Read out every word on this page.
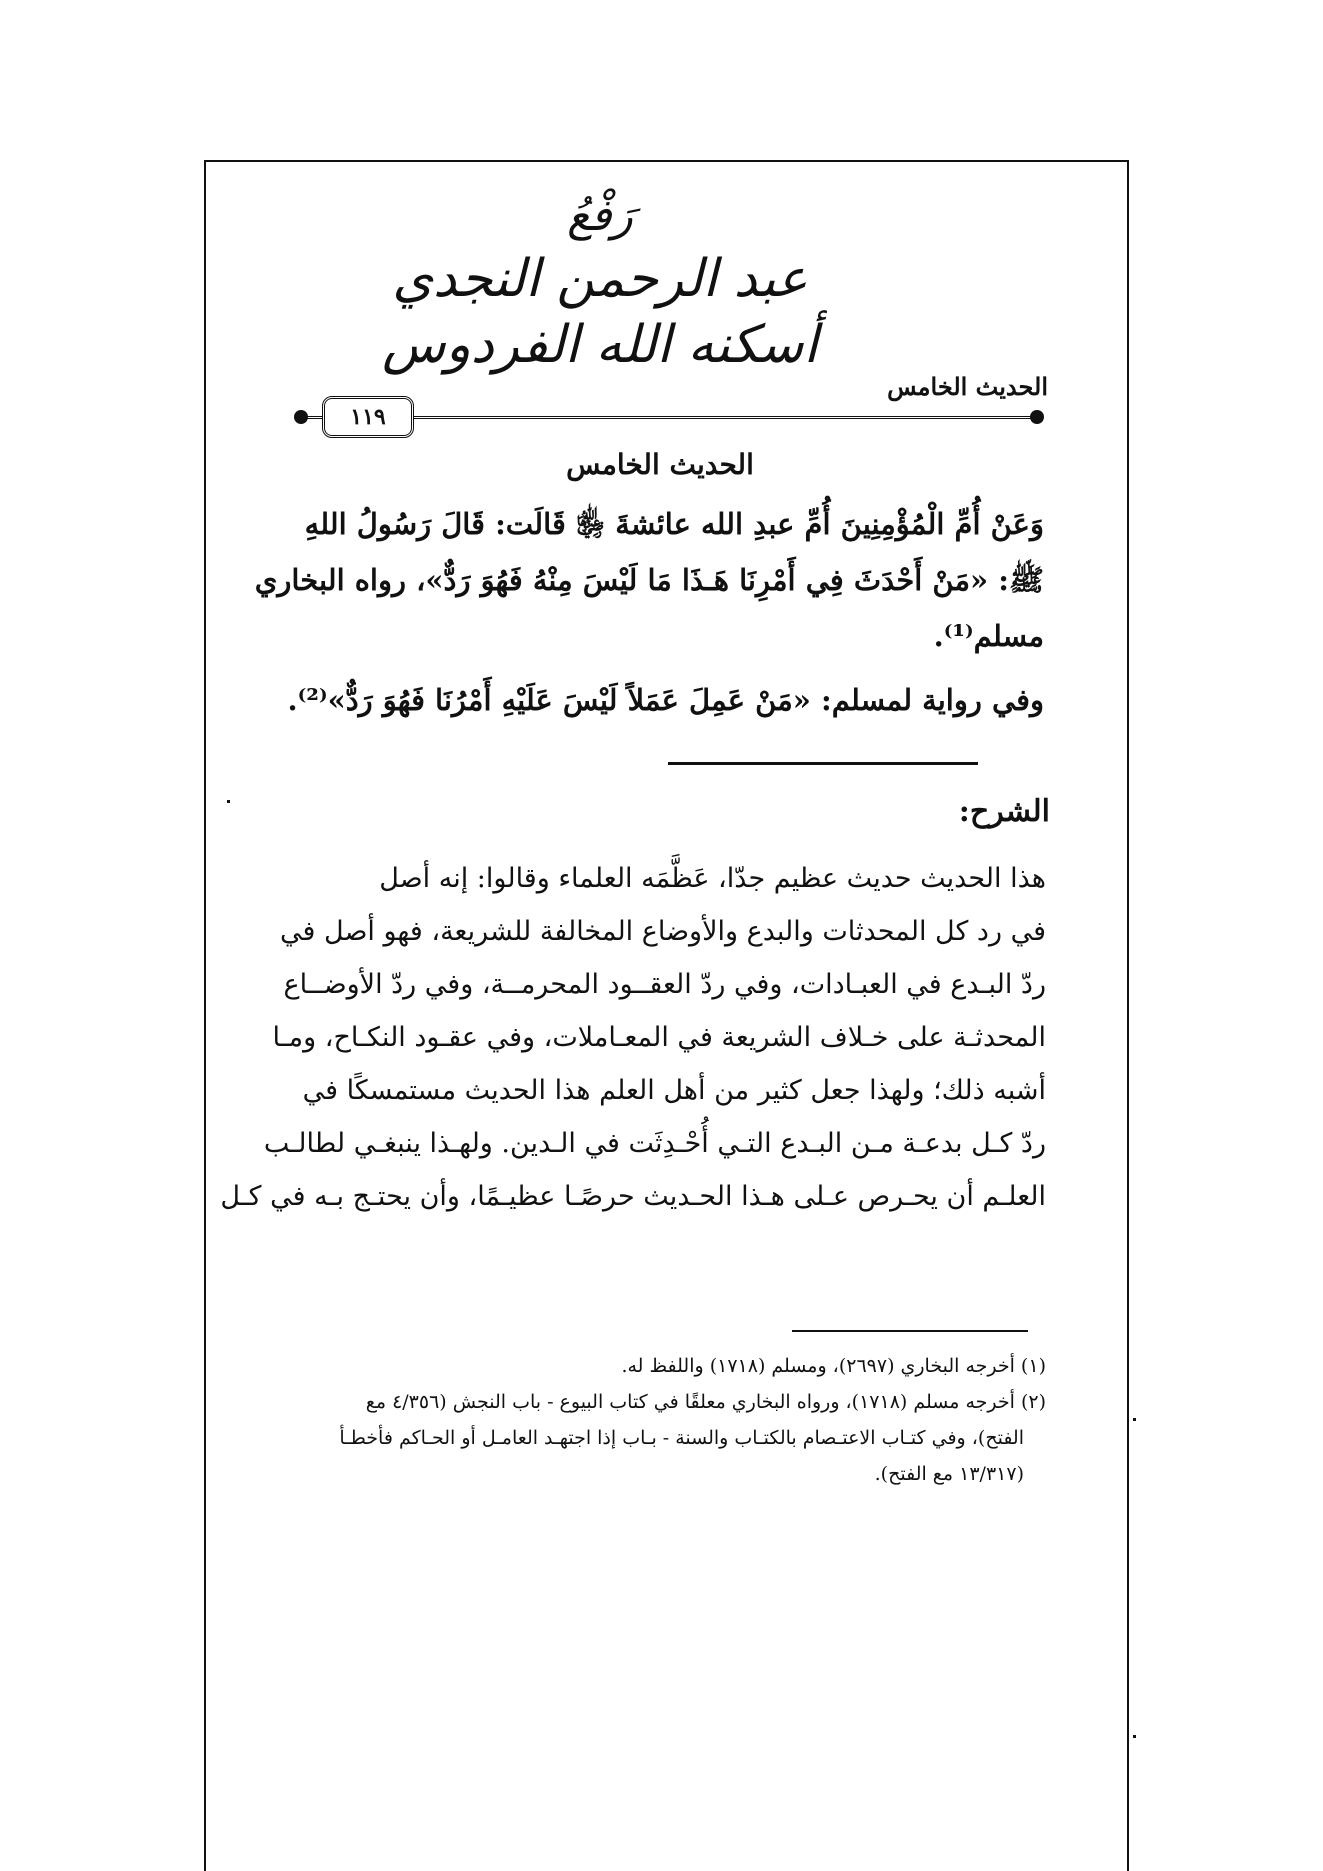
رَفْعُ
عبد الرحمن النجدي
أسكنه الله الفردوس
الحديث الخامس
١١٩
الحديث الخامس
وَعَنْ أُمِّ الْمُؤْمِنِينَ أُمِّ عبدِ الله عائشةَ ﵂ قَالَت: قَالَ رَسُولُ اللهِ
ﷺ: «مَنْ أَحْدَثَ فِي أَمْرِنَا هَـذَا مَا لَيْسَ مِنْهُ فَهُوَ رَدٌّ»، رواه البخاري
مسلم⁽¹⁾.
وفي رواية لمسلم: «مَنْ عَمِلَ عَمَلاً لَيْسَ عَلَيْهِ أَمْرُنَا فَهُوَ رَدٌّ»⁽²⁾.
الشرح:
هذا الحديث حديث عظيم جدّا، عَظَّمَه العلماء وقالوا: إنه أصل
في رد كل المحدثات والبدع والأوضاع المخالفة للشريعة، فهو أصل في
ردّ البـدع في العبـادات، وفي ردّ العقــود المحرمــة، وفي ردّ الأوضــاع
المحدثـة على خـلاف الشريعة في المعـاملات، وفي عقـود النكـاح، ومـا
أشبه ذلك؛ ولهذا جعل كثير من أهل العلم هذا الحديث مستمسكًا في
ردّ كـل بدعـة مـن البـدع التـي أُحْـدِثَت في الـدين. ولهـذا ينبغـي لطالـب
العلـم أن يحـرص عـلى هـذا الحـديث حرصًـا عظيـمًا، وأن يحتـج بـه في كـل
(١) أخرجه البخاري (٢٦٩٧)، ومسلم (١٧١٨) واللفظ له.
(٢) أخرجه مسلم (١٧١٨)، ورواه البخاري معلقًا في كتاب البيوع - باب النجش (٤/٣٥٦ مع
الفتح)، وفي كتـاب الاعتـصام بالكتـاب والسنة - بـاب إذا اجتهـد العامـل أو الحـاكم فأخطـأ
(١٣/٣١٧ مع الفتح).
